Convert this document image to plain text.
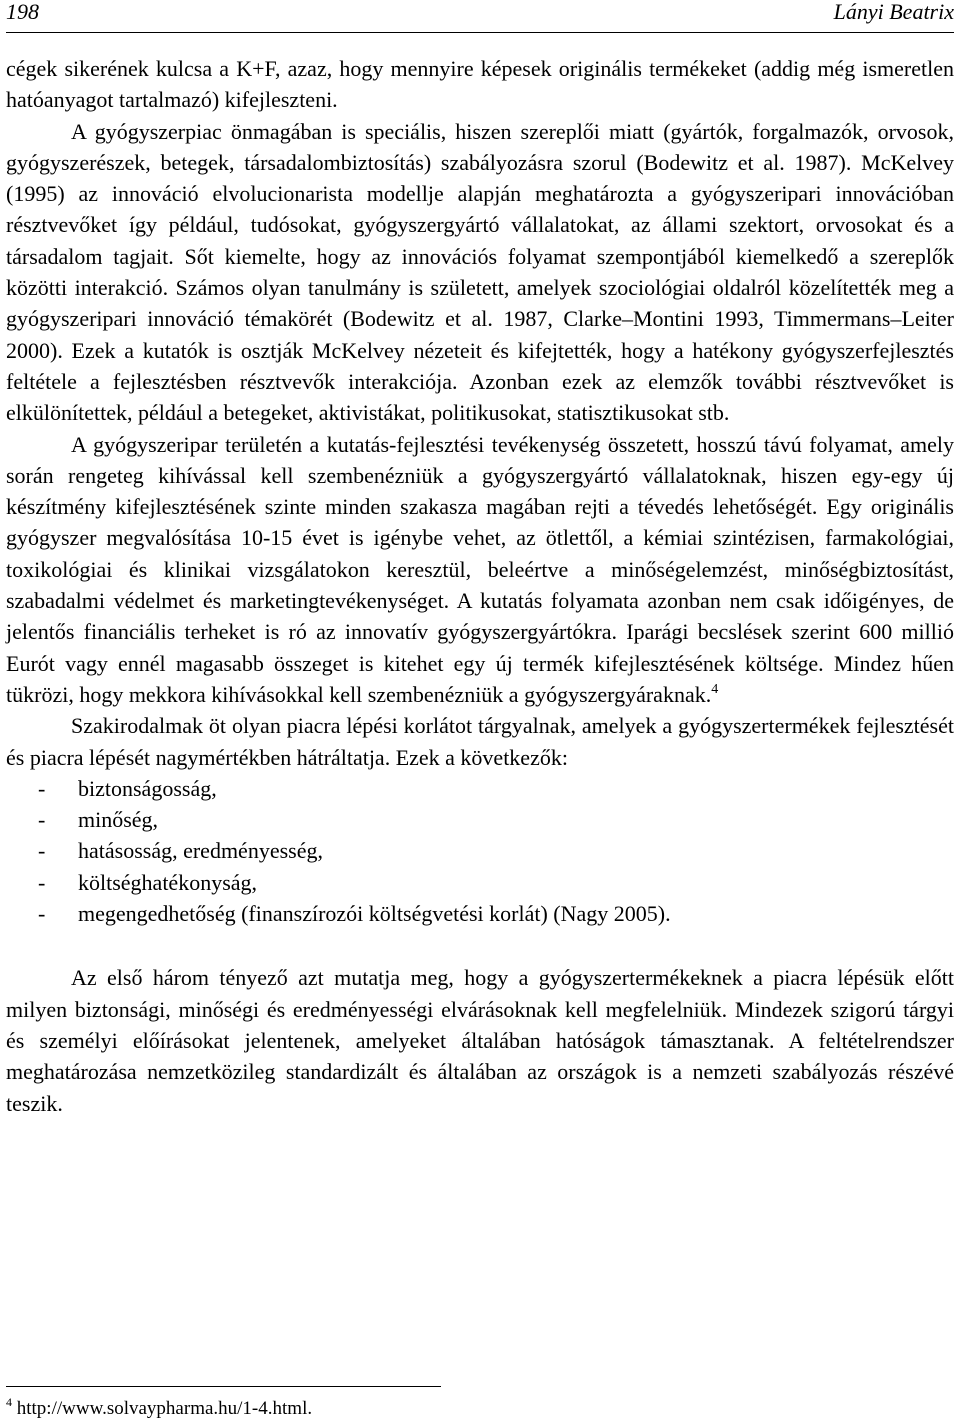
198	Lányi Beatrix

cégek sikerének kulcsa a K+F, azaz, hogy mennyire képesek originális termékeket (addig még ismeretlen hatóanyagot tartalmazó) kifejleszteni.

A gyógyszerpiac önmagában is speciális, hiszen szereplői miatt (gyártók, forgalmazók, orvosok, gyógyszerészek, betegek, társadalombiztosítás) szabályozásra szorul (Bodewitz et al. 1987). McKelvey (1995) az innováció elvolucionarista modellje alapján meghatározta a gyógyszeripari innovációban résztvevőket így például, tudósokat, gyógyszergyártó vállalatokat, az állami szektort, orvosokat és a társadalom tagjait. Sőt kiemelte, hogy az innovációs folyamat szempontjából kiemelkedő a szereplők közötti interakció. Számos olyan tanulmány is született, amelyek szociológiai oldalról közelítették meg a gyógyszeripari innováció témakörét (Bodewitz et al. 1987, Clarke–Montini 1993, Timmermans–Leiter 2000). Ezek a kutatók is osztják McKelvey nézeteit és kifejtették, hogy a hatékony gyógyszerfejlesztés feltétele a fejlesztésben résztvevők interakciója. Azonban ezek az elemzők további résztvevőket is elkülönítettek, például a betegeket, aktivistákat, politikusokat, statisztikusokat stb.

A gyógyszeripar területén a kutatás-fejlesztési tevékenység összetett, hosszú távú folyamat, amely során rengeteg kihívással kell szembenézniük a gyógyszergyártó vállalatoknak, hiszen egy-egy új készítmény kifejlesztésének szinte minden szakasza magában rejti a tévedés lehetőségét. Egy originális gyógyszer megvalósítása 10-15 évet is igénybe vehet, az ötlettől, a kémiai szintézisen, farmakológiai, toxikológiai és klinikai vizsgálatokon keresztül, beleértve a minőségelemzést, minőségbiztosítást, szabadalmi védelmet és marketingtevékenységet. A kutatás folyamata azonban nem csak időigényes, de jelentős financiális terheket is ró az innovatív gyógyszergyártókra. Iparági becslések szerint 600 millió Eurót vagy ennél magasabb összeget is kitehet egy új termék kifejlesztésének költsége. Mindez hűen tükrözi, hogy mekkora kihívásokkal kell szembenézniük a gyógyszergyáraknak.$^4$

Szakirodalmak öt olyan piacra lépési korlátot tárgyalnak, amelyek a gyógyszertermékek fejlesztését és piacra lépését nagymértékben hátráltatja. Ezek a következők:

- biztonságosság,
- minőség,
- hatásosság, eredményesség,
- költséghatékonyság,
- megengedhetőség (finanszírozói költségvetési korlát) (Nagy 2005).

Az első három tényező azt mutatja meg, hogy a gyógyszertermékeknek a piacra lépésük előtt milyen biztonsági, minőségi és eredményességi elvárásoknak kell megfelelniük. Mindezek szigorú tárgyi és személyi előírásokat jelentenek, amelyeket általában hatóságok támasztanak. A feltételrendszer meghatározása nemzetközileg standardizált és általában az országok is a nemzeti szabályozás részévé teszik.

$^4$ http://www.solvaypharma.hu/1-4.html.
